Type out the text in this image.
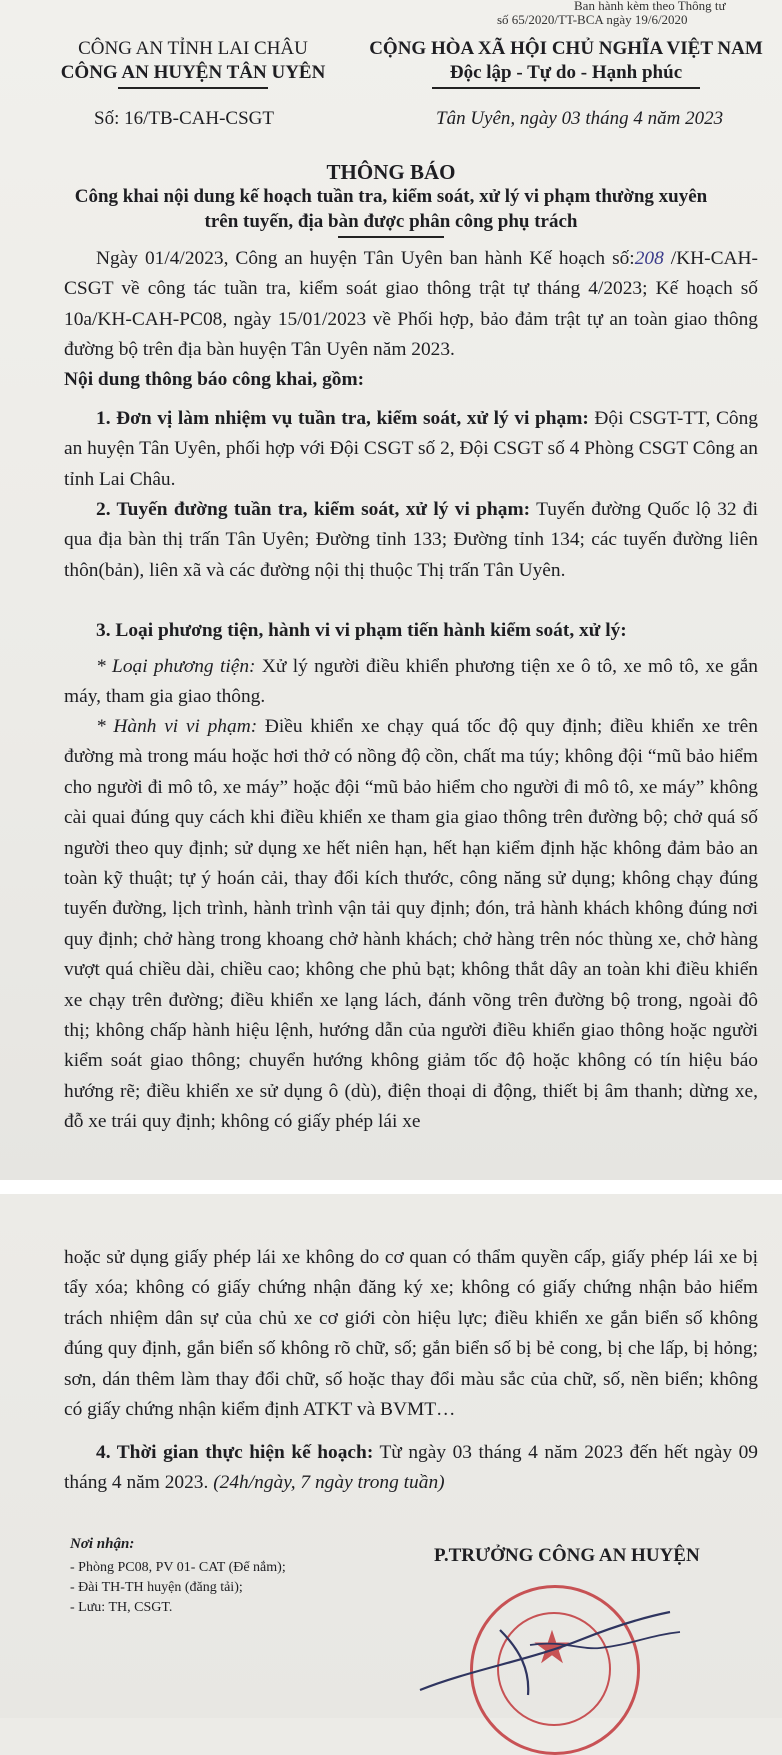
Ban hành kèm theo Thông tư
số 65/2020/TT-BCA ngày 19/6/2020
CÔNG AN TỈNH LAI CHÂU
CÔNG AN HUYỆN TÂN UYÊN
CỘNG HÒA XÃ HỘI CHỦ NGHĨA VIỆT NAM
Độc lập - Tự do - Hạnh phúc
Số: 16/TB-CAH-CSGT	Tân Uyên, ngày 03 tháng 4 năm 2023
THÔNG BÁO
Công khai nội dung kế hoạch tuần tra, kiểm soát, xử lý vi phạm thường xuyên
trên tuyến, địa bàn được phân công phụ trách
Ngày 01/4/2023, Công an huyện Tân Uyên ban hành Kế hoạch số:208 /KH-CAH- CSGT về công tác tuần tra, kiểm soát giao thông trật tự tháng 4/2023; Kế hoạch số 10a/KH-CAH-PC08, ngày 15/01/2023 về Phối hợp, bảo đảm trật tự an toàn giao thông đường bộ trên địa bàn huyện Tân Uyên năm 2023.
Nội dung thông báo công khai, gồm:
1. Đơn vị làm nhiệm vụ tuần tra, kiểm soát, xử lý vi phạm: Đội CSGT-TT, Công an huyện Tân Uyên, phối hợp với Đội CSGT số 2, Đội CSGT số 4 Phòng CSGT Công an tỉnh Lai Châu.
2. Tuyến đường tuần tra, kiểm soát, xử lý vi phạm: Tuyến đường Quốc lộ 32 đi qua địa bàn thị trấn Tân Uyên; Đường tỉnh 133; Đường tỉnh 134; các tuyến đường liên thôn(bản), liên xã và các đường nội thị thuộc Thị trấn Tân Uyên.
3. Loại phương tiện, hành vi vi phạm tiến hành kiểm soát, xử lý:
* Loại phương tiện: Xử lý người điều khiển phương tiện xe ô tô, xe mô tô, xe gắn máy, tham gia giao thông.
* Hành vi vi phạm: Điều khiển xe chạy quá tốc độ quy định; điều khiển xe trên đường mà trong máu hoặc hơi thở có nồng độ cồn, chất ma túy; không đội “mũ bảo hiểm cho người đi mô tô, xe máy” hoặc đội “mũ bảo hiểm cho người đi mô tô, xe máy” không cài quai đúng quy cách khi điều khiển xe tham gia giao thông trên đường bộ; chở quá số người theo quy định; sử dụng xe hết niên hạn, hết hạn kiểm định hặc không đảm bảo an toàn kỹ thuật; tự ý hoán cải, thay đổi kích thước, công năng sử dụng; không chạy đúng tuyến đường, lịch trình, hành trình vận tải quy định; đón, trả hành khách không đúng nơi quy định; chở hàng trong khoang chở hành khách; chở hàng trên nóc thùng xe, chở hàng vượt quá chiều dài, chiều cao; không che phủ bạt; không thắt dây an toàn khi điều khiển xe chạy trên đường; điều khiển xe lạng lách, đánh võng trên đường bộ trong, ngoài đô thị; không chấp hành hiệu lệnh, hướng dẫn của người điều khiển giao thông hoặc người kiểm soát giao thông; chuyển hướng không giảm tốc độ hoặc không có tín hiệu báo hướng rẽ; điều khiển xe sử dụng ô (dù), điện thoại di động, thiết bị âm thanh; dừng xe, đỗ xe trái quy định; không có giấy phép lái xe
hoặc sử dụng giấy phép lái xe không do cơ quan có thẩm quyền cấp, giấy phép lái xe bị tẩy xóa; không có giấy chứng nhận đăng ký xe; không có giấy chứng nhận bảo hiểm trách nhiệm dân sự của chủ xe cơ giới còn hiệu lực; điều khiển xe gắn biển số không đúng quy định, gắn biển số không rõ chữ, số; gắn biển số bị bẻ cong, bị che lấp, bị hỏng; sơn, dán thêm làm thay đổi chữ, số hoặc thay đổi màu sắc của chữ, số, nền biển; không có giấy chứng nhận kiểm định ATKT và BVMT…
4. Thời gian thực hiện kế hoạch: Từ ngày 03 tháng 4 năm 2023 đến hết ngày 09 tháng 4 năm 2023. (24h/ngày, 7 ngày trong tuần)
Nơi nhận:
- Phòng PC08, PV 01- CAT (Để nắm);
- Đài TH-TH huyện (đăng tải);
- Lưu: TH, CSGT.
P.TRƯỞNG CÔNG AN HUYỆN
★
